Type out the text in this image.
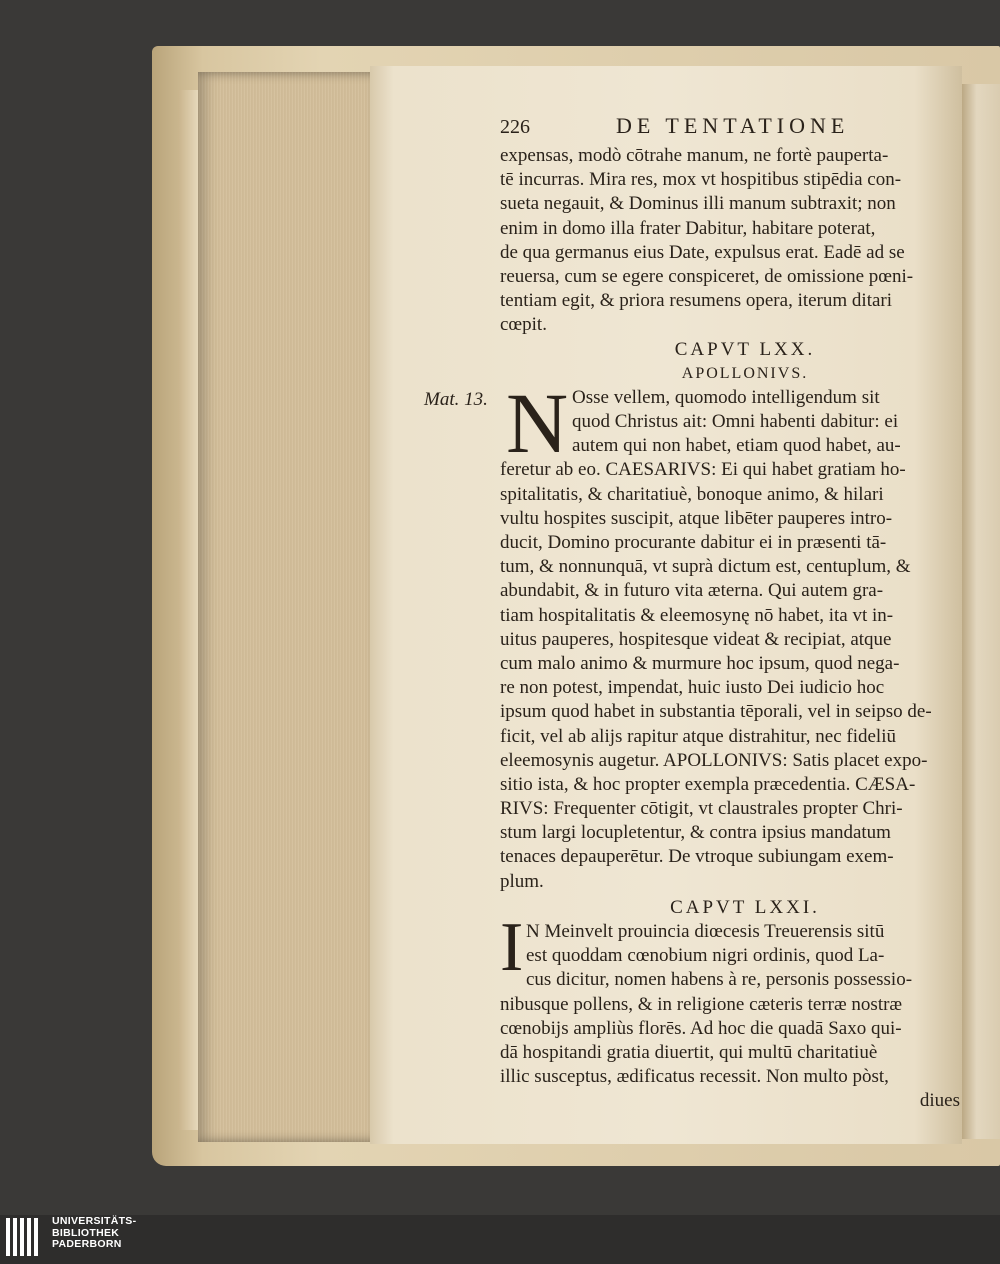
Mat. 13.
226	DE TENTATIONE
expensas, modò cōtrahe manum, ne fortè pauperta-
tē incurras. Mira res, mox vt hospitibus stipēdia con-
sueta negauit, & Dominus illi manum subtraxit; non
enim in domo illa frater Dabitur, habitare poterat,
de qua germanus eius Date, expulsus erat. Eadē ad se
reuersa, cum se egere conspiceret, de omissione pœni-
tentiam egit, & priora resumens opera, iterum ditari
cœpit.
CAPVT LXX.
APOLLONIVS.
N Osse vellem, quomodo intelligendum sit
quod Christus ait: Omni habenti dabitur: ei
autem qui non habet, etiam quod habet, au-
feretur ab eo. CAESARIVS: Ei qui habet gratiam ho-
spitalitatis, & charitatiuè, bonoque animo, & hilari
vultu hospites suscipit, atque libēter pauperes intro-
ducit, Domino procurante dabitur ei in præsenti tā-
tum, & nonnunquā, vt suprà dictum est, centuplum, &
abundabit, & in futuro vita æterna. Qui autem gra-
tiam hospitalitatis & eleemosynę nō habet, ita vt in-
uitus pauperes, hospitesque videat & recipiat, atque
cum malo animo & murmure hoc ipsum, quod nega-
re non potest, impendat, huic iusto Dei iudicio hoc
ipsum quod habet in substantia tēporali, vel in seipso de-
ficit, vel ab alijs rapitur atque distrahitur, nec fideliū
eleemosynis augetur. APOLLONIVS: Satis placet expo-
sitio ista, & hoc propter exempla præcedentia. CÆSA-
RIVS: Frequenter cōtigit, vt claustrales propter Chri-
stum largi locupletentur, & contra ipsius mandatum
tenaces depauperētur. De vtroque subiungam exem-
plum.
CAPVT LXXI.
I N Meinvelt prouincia diœcesis Treuerensis sitū
est quoddam cœnobium nigri ordinis, quod La-
cus dicitur, nomen habens à re, personis possessio-
nibusque pollens, & in religione cæteris terræ nostræ
cœnobijs ampliùs florēs. Ad hoc die quadā Saxo qui-
dā hospitandi gratia diuertit, qui multū charitatiuè
illic susceptus, ædificatus recessit. Non multo pòst,
diues
UNIVERSITÄTS-
BIBLIOTHEK
PADERBORN
